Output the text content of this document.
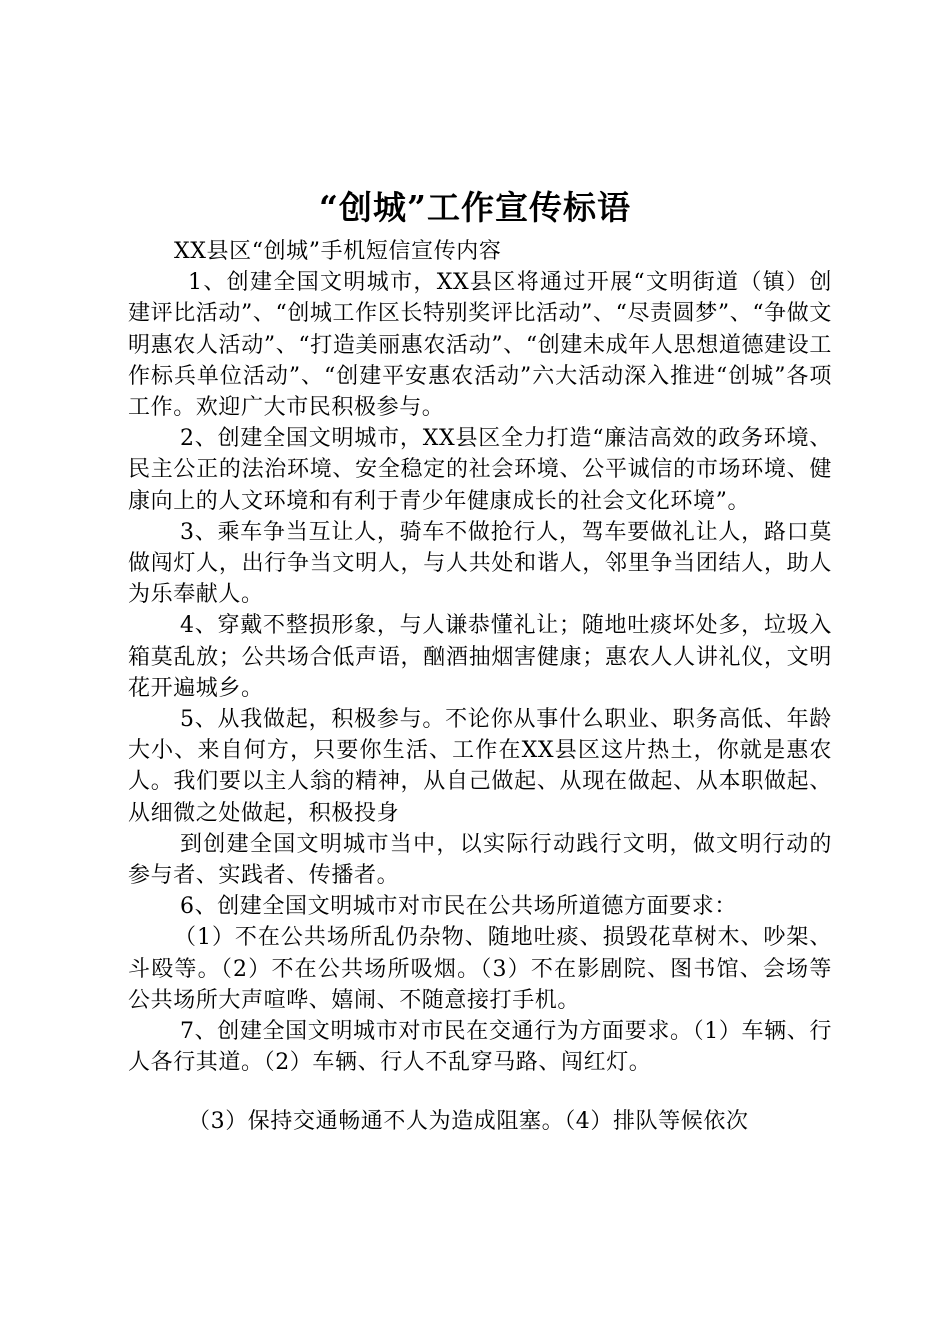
“创城”工作宣传标语

XX县区“创城”手机短信宣传内容

1、创建全国文明城市，XX县区将通过开展“文明街道（镇）创建评比活动”、“创城工作区长特别奖评比活动”、“尽责圆梦”、“争做文明惠农人活动”、“打造美丽惠农活动”、“创建未成年人思想道德建设工作标兵单位活动”、“创建平安惠农活动”六大活动深入推进“创城”各项工作。欢迎广大市民积极参与。

2、创建全国文明城市，XX县区全力打造“廉洁高效的政务环境、民主公正的法治环境、安全稳定的社会环境、公平诚信的市场环境、健康向上的人文环境和有利于青少年健康成长的社会文化环境”。

3、乘车争当互让人，骑车不做抢行人，驾车要做礼让人，路口莫做闯灯人，出行争当文明人，与人共处和谐人，邻里争当团结人，助人为乐奉献人。

4、穿戴不整损形象，与人谦恭懂礼让；随地吐痰坏处多，垃圾入箱莫乱放；公共场合低声语，酗酒抽烟害健康；惠农人人讲礼仪，文明花开遍城乡。

5、从我做起，积极参与。不论你从事什么职业、职务高低、年龄大小、来自何方，只要你生活、工作在XX县区这片热土，你就是惠农人。我们要以主人翁的精神，从自己做起、从现在做起、从本职做起、从细微之处做起，积极投身

到创建全国文明城市当中，以实际行动践行文明，做文明行动的参与者、实践者、传播者。

6、创建全国文明城市对市民在公共场所道德方面要求：

（1）不在公共场所乱仍杂物、随地吐痰、损毁花草树木、吵架、斗殴等。（2）不在公共场所吸烟。（3）不在影剧院、图书馆、会场等公共场所大声喧哗、嬉闹、不随意接打手机。

7、创建全国文明城市对市民在交通行为方面要求。（1）车辆、行人各行其道。（2）车辆、行人不乱穿马路、闯红灯。

（3）保持交通畅通不人为造成阻塞。（4）排队等候依次
